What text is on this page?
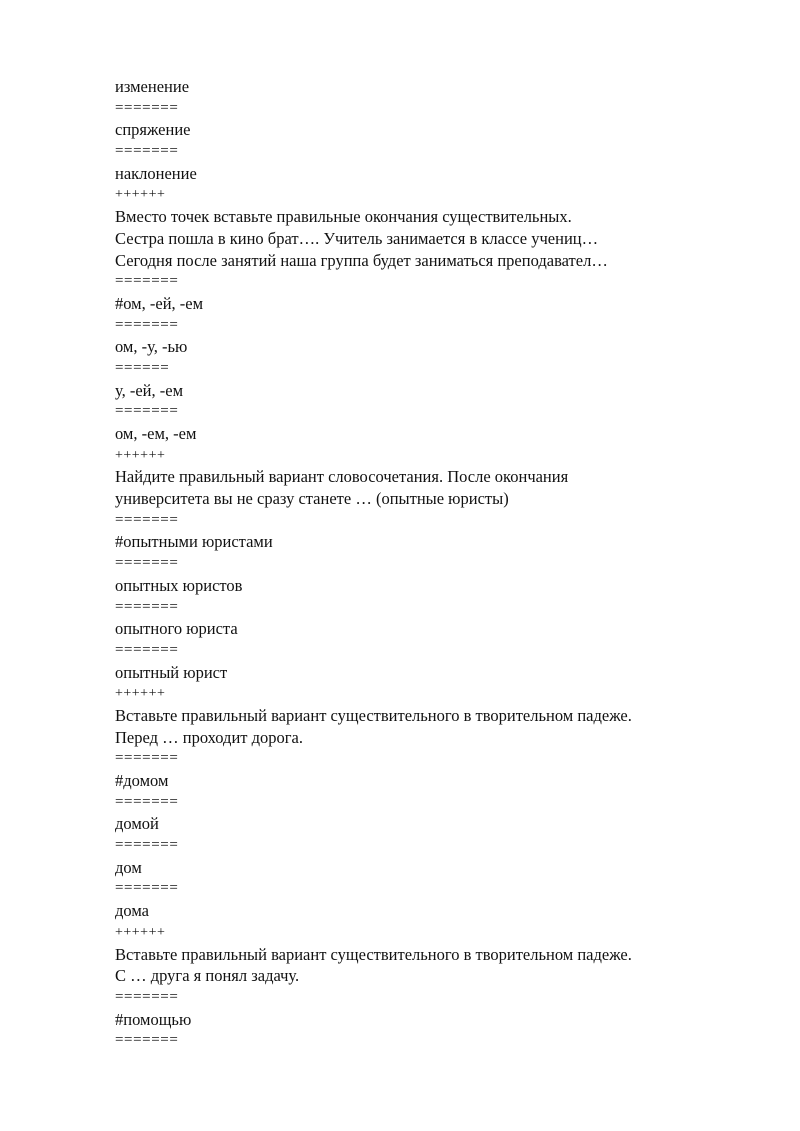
изменение
=======
спряжение
=======
наклонение
++++++
Вместо точек вставьте правильные окончания существительных.
Сестра пошла в кино брат…. Учитель занимается в классе учениц…
Сегодня после занятий наша группа будет заниматься преподавател…
=======
#ом, -ей, -ем
=======
ом, -у, -ью
======
у, -ей, -ем
=======
ом, -ем, -ем
++++++
Найдите правильный вариант словосочетания. После окончания
университета вы не сразу станете … (опытные юристы)
=======
#опытными юристами
=======
опытных юристов
=======
опытного юриста
=======
опытный юрист
++++++
Вставьте правильный вариант существительного в творительном падеже.
Перед … проходит дорога.
=======
#домом
=======
домой
=======
дом
=======
дома
++++++
Вставьте правильный вариант существительного в творительном падеже.
С … друга я понял задачу.
=======
#помощью
=======
